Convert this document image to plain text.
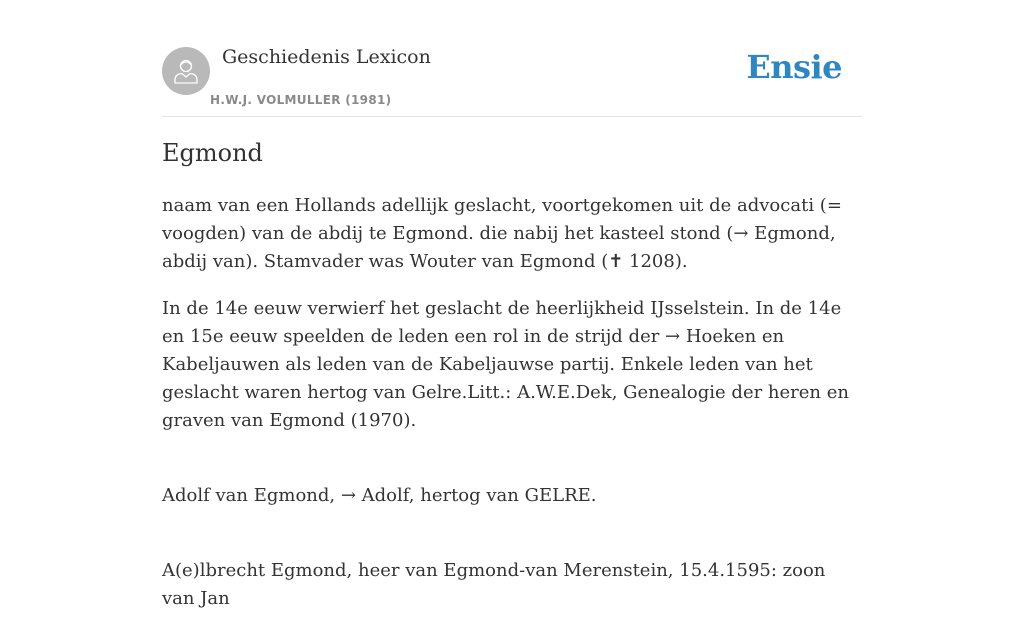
Geschiedenis Lexicon
H.W.J. VOLMULLER (1981)
Ensie
Egmond

naam van een Hollands adellijk geslacht, voortgekomen uit de advocati (= voogden) van de abdij te Egmond. die nabij het kasteel stond (→ Egmond, abdij van). Stamvader was Wouter van Egmond (✝ 1208).

In de 14e eeuw verwierf het geslacht de heerlijkheid IJsselstein. In de 14e en 15e eeuw speelden de leden een rol in de strijd der → Hoeken en Kabeljauwen als leden van de Kabeljauwse partij. Enkele leden van het geslacht waren hertog van Gelre.Litt.: A.W.E.Dek, Genealogie der heren en graven van Egmond (1970).

Adolf van Egmond, → Adolf, hertog van GELRE.

A(e)lbrecht Egmond, heer van Egmond-van Merenstein, 15.4.1595: zoon van Jan
